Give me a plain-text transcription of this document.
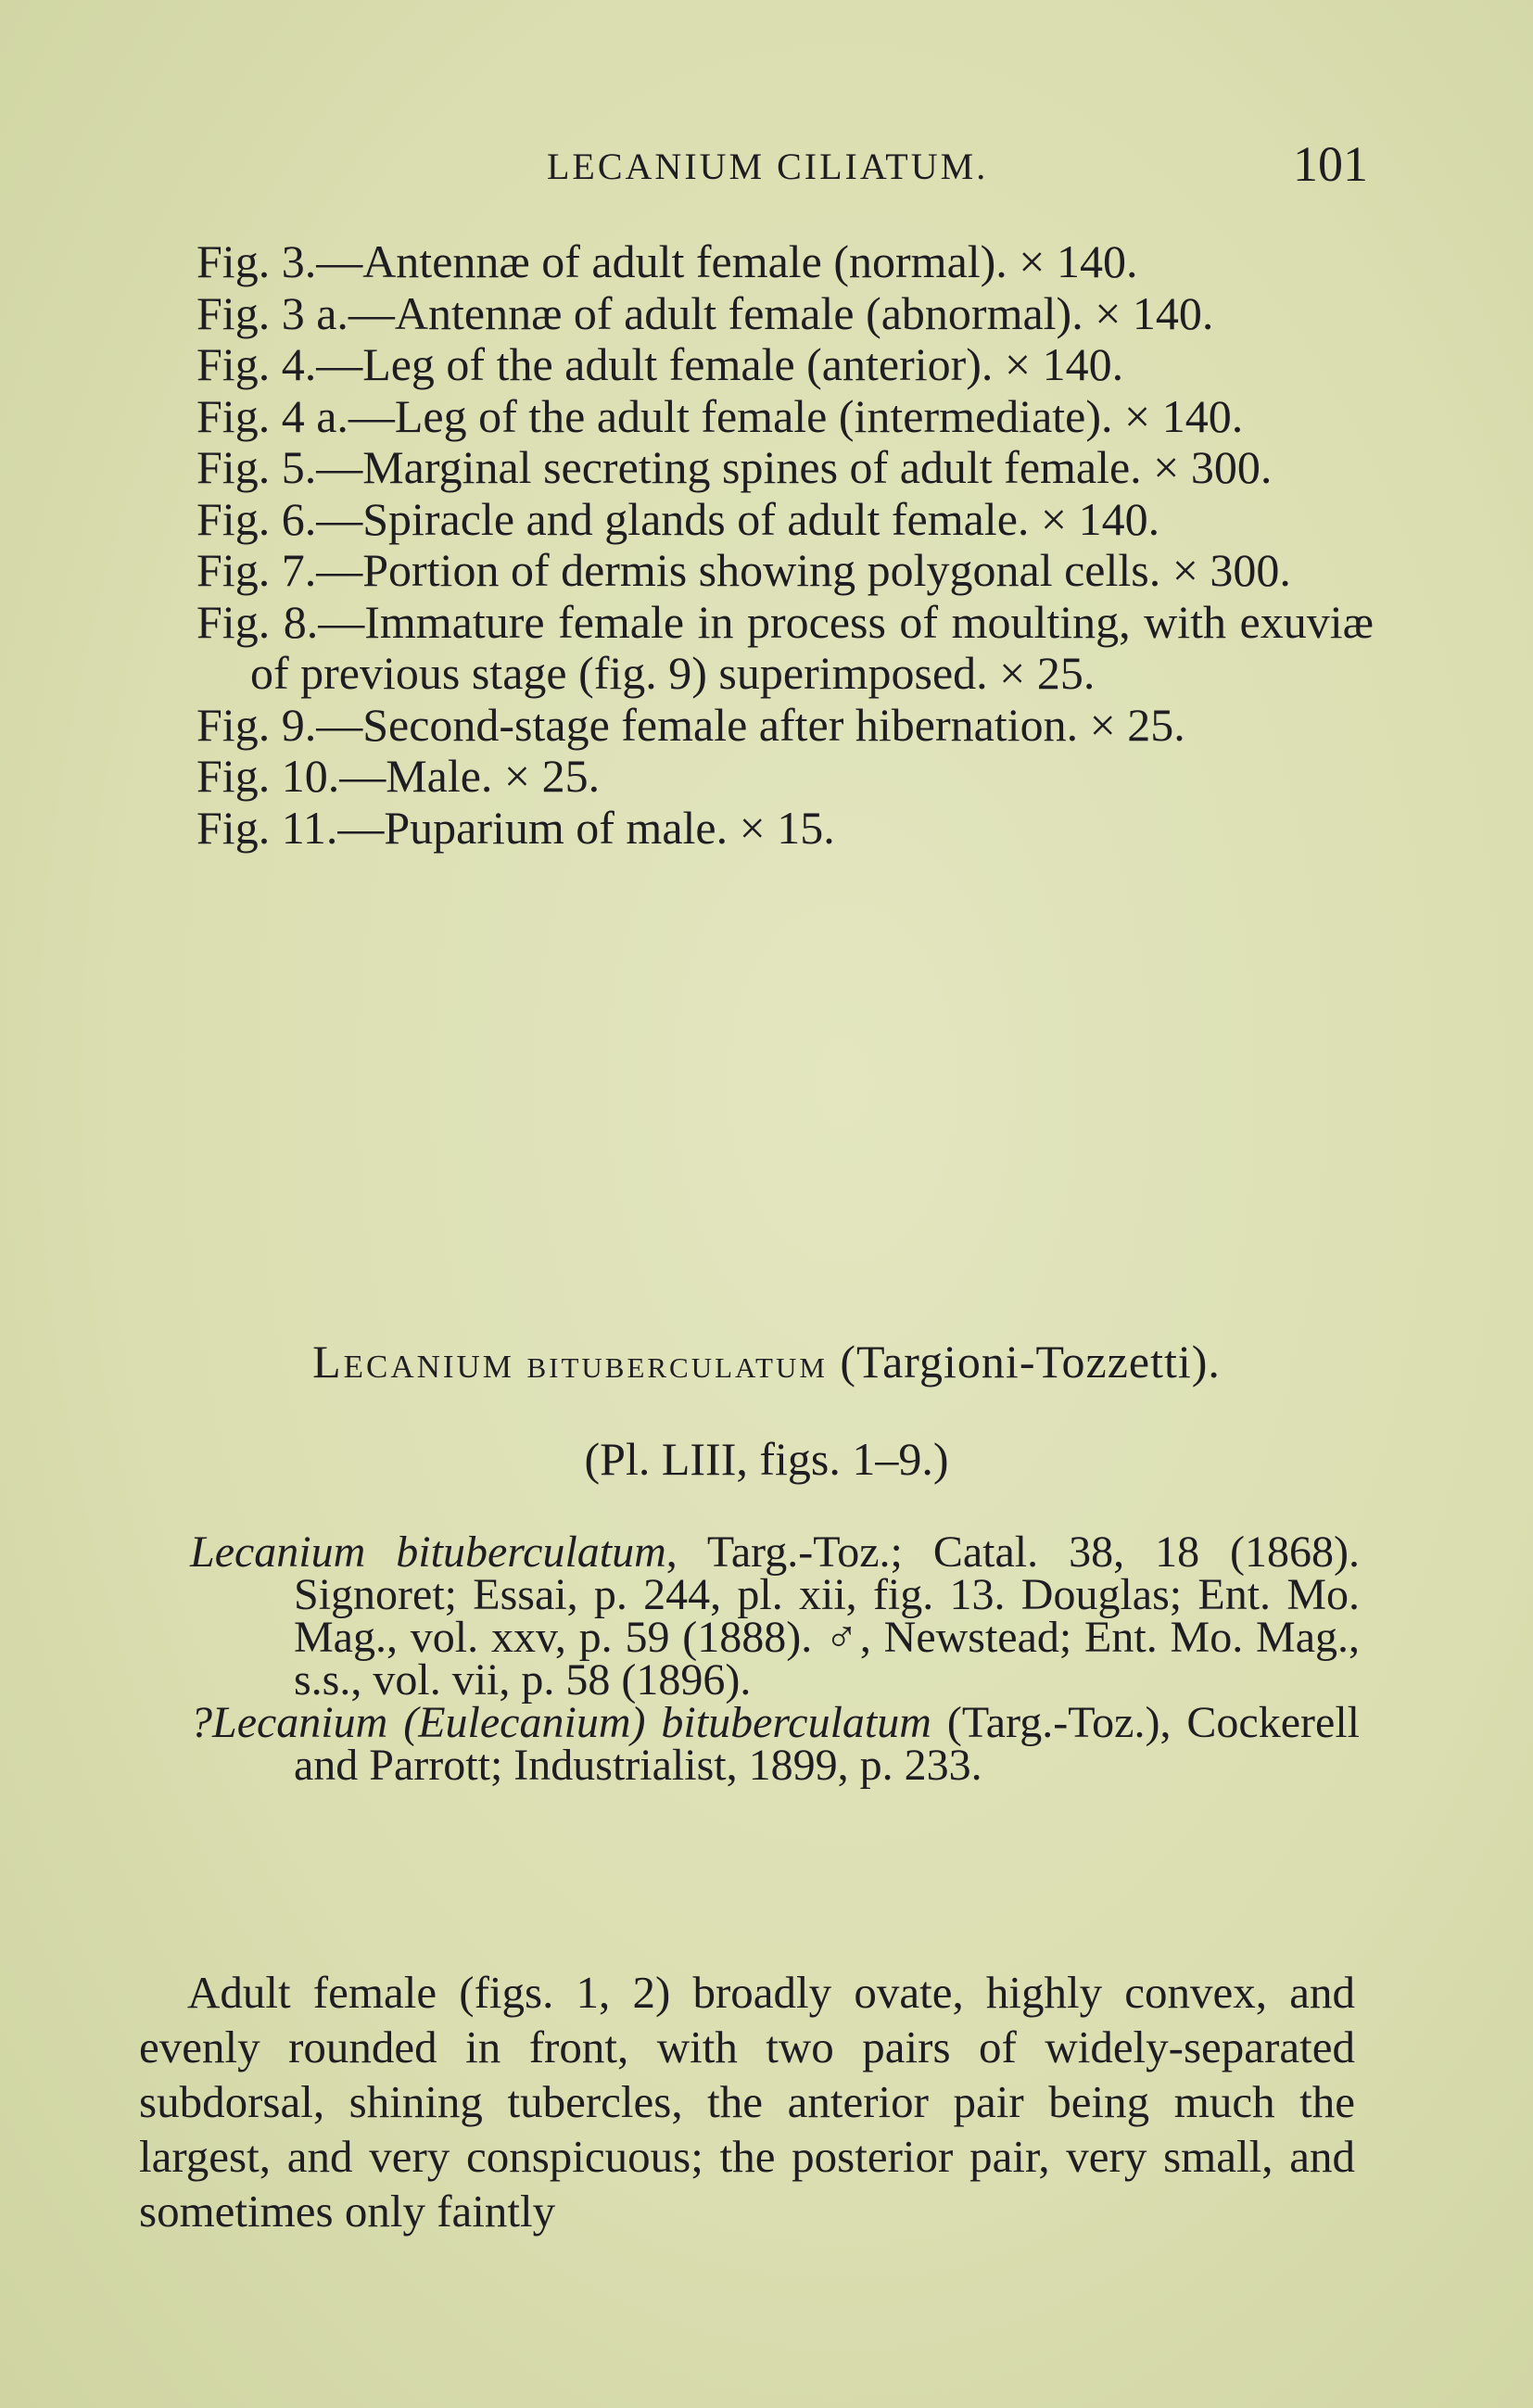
LECANIUM CILIATUM.	101

Fig. 3.—Antennæ of adult female (normal). × 140.

Fig. 3 a.—Antennæ of adult female (abnormal). × 140.

Fig. 4.—Leg of the adult female (anterior). × 140.

Fig. 4 a.—Leg of the adult female (intermediate). × 140.

Fig. 5.—Marginal secreting spines of adult female. × 300.

Fig. 6.—Spiracle and glands of adult female. × 140.

Fig. 7.—Portion of dermis showing polygonal cells. × 300.

Fig. 8.—Immature female in process of moulting, with exuviæ of previous stage (fig. 9) superimposed. × 25.

Fig. 9.—Second-stage female after hibernation. × 25.

Fig. 10.—Male. × 25.

Fig. 11.—Puparium of male. × 15.

Lecanium bituberculatum (Targioni-Tozzetti).
(Pl. LIII, figs. 1–9.)

Lecanium bituberculatum, Targ.-Toz.; Catal. 38, 18 (1868). Signoret; Essai, p. 244, pl. xii, fig. 13. Douglas; Ent. Mo. Mag., vol. xxv, p. 59 (1888). ♂, Newstead; Ent. Mo. Mag., s.s., vol. vii, p. 58 (1896).

?Lecanium (Eulecanium) bituberculatum (Targ.-Toz.), Cockerell and Parrott; Industrialist, 1899, p. 233.

Adult female (figs. 1, 2) broadly ovate, highly convex, and evenly rounded in front, with two pairs of widely-separated subdorsal, shining tubercles, the anterior pair being much the largest, and very conspicuous; the posterior pair, very small, and sometimes only faintly
